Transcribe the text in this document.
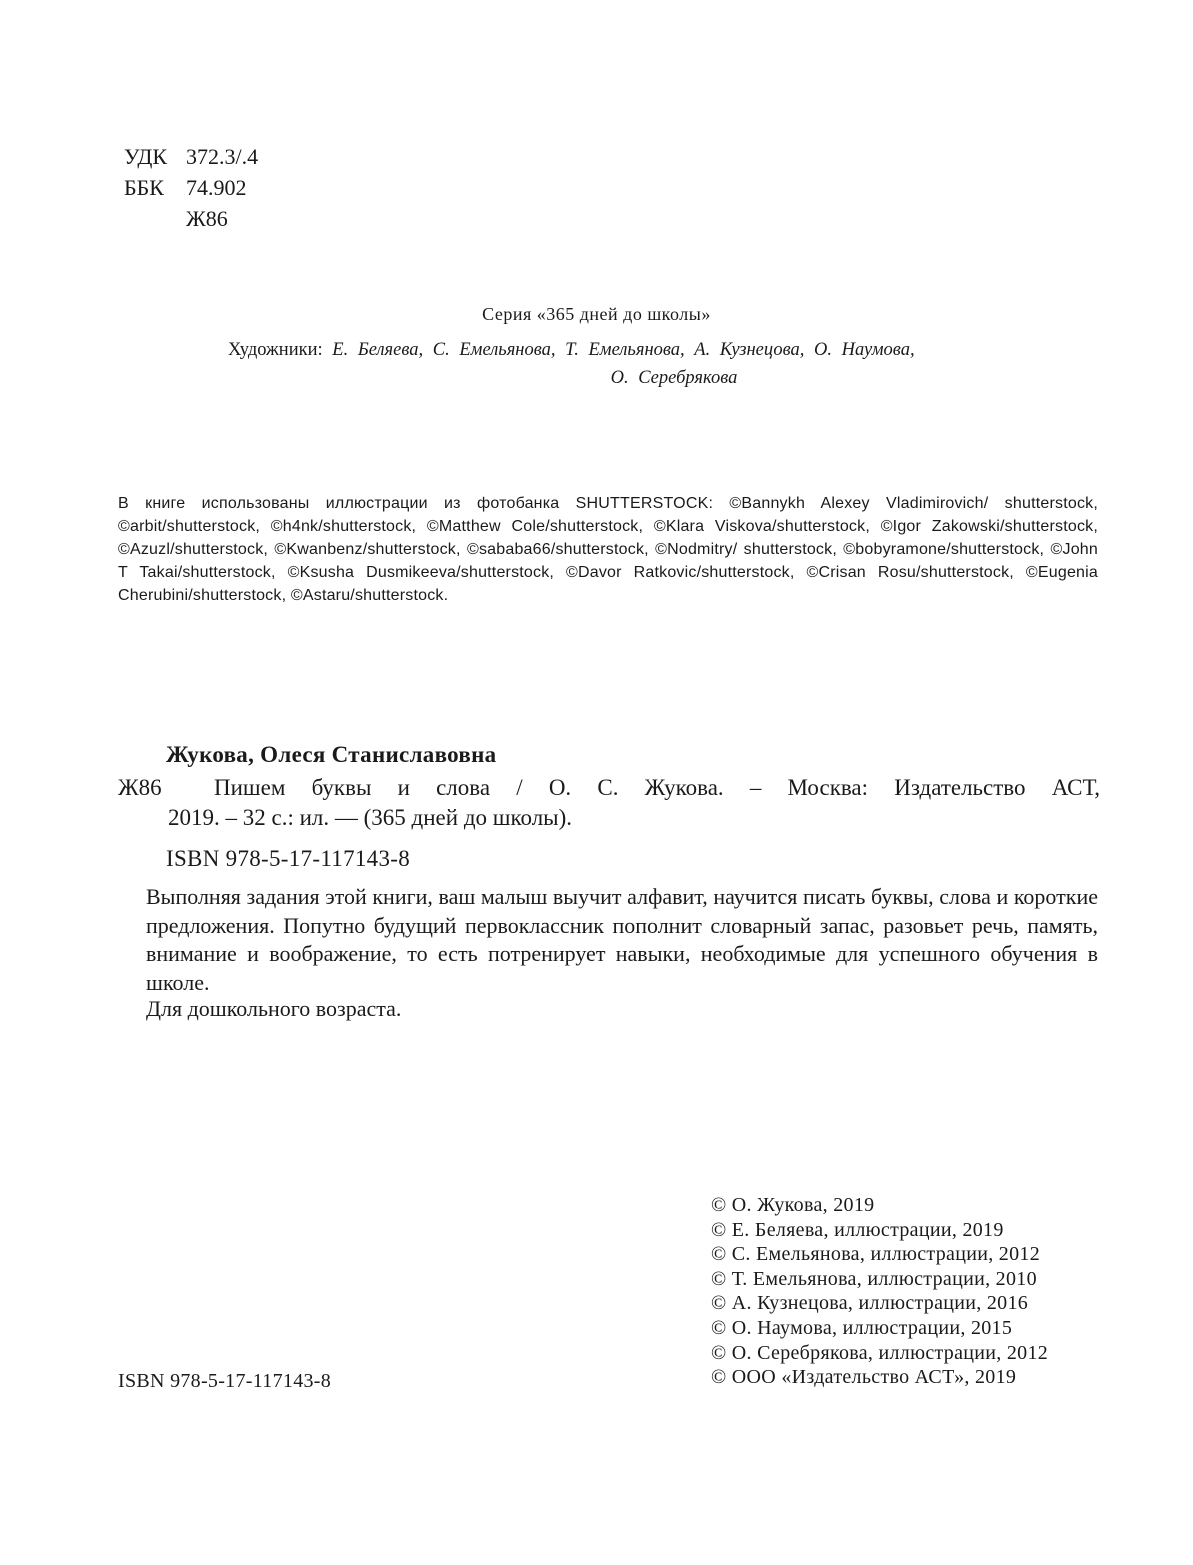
УДК 372.3/.4
ББК	74.902
Ж86
Серия «365 дней до школы»
Художники: Е. Беляева, С. Емельянова, Т. Емельянова, А. Кузнецова, О. Наумова,
О. Серебрякова
В книге использованы иллюстрации из фотобанка SHUTTERSTOCK: ©Bannykh Alexey Vladimirovich/ shutterstock, ©arbit/shutterstock, ©h4nk/shutterstock, ©Matthew Cole/shutterstock, ©Klara Viskova/shutterstock, ©Igor Zakowski/shutterstock, ©Azuzl/shutterstock, ©Kwanbenz/shutterstock, ©sababa66/shutterstock, ©Nodmitry/ shutterstock, ©bobyramone/shutterstock, ©John T Takai/shutterstock, ©Ksusha Dusmikeeva/shutterstock, ©Davor Ratkovic/shutterstock, ©Crisan Rosu/shutterstock, ©Eugenia Cherubini/shutterstock, ©Astaru/shutterstock.
Жукова, Олеся Станиславовна
Ж86 Пишем буквы и слова / О. С. Жукова. – Москва: Издательство АСТ,
2019. – 32 с.: ил. — (365 дней до школы).
ISBN 978-5-17-117143-8
Выполняя задания этой книги, ваш малыш выучит алфавит, научится писать буквы, слова и короткие предложения. Попутно будущий первоклассник пополнит словарный запас, разовьет речь, память, внимание и воображение, то есть потренирует навыки, необходимые для успешного обучения в школе.
Для дошкольного возраста.
© О. Жукова, 2019
© Е. Беляева, иллюстрации, 2019
© С. Емельянова, иллюстрации, 2012
© Т. Емельянова, иллюстрации, 2010
© А. Кузнецова, иллюстрации, 2016
© О. Наумова, иллюстрации, 2015
© О. Серебрякова, иллюстрации, 2012
© ООО «Издательство АСТ», 2019
ISBN 978-5-17-117143-8
